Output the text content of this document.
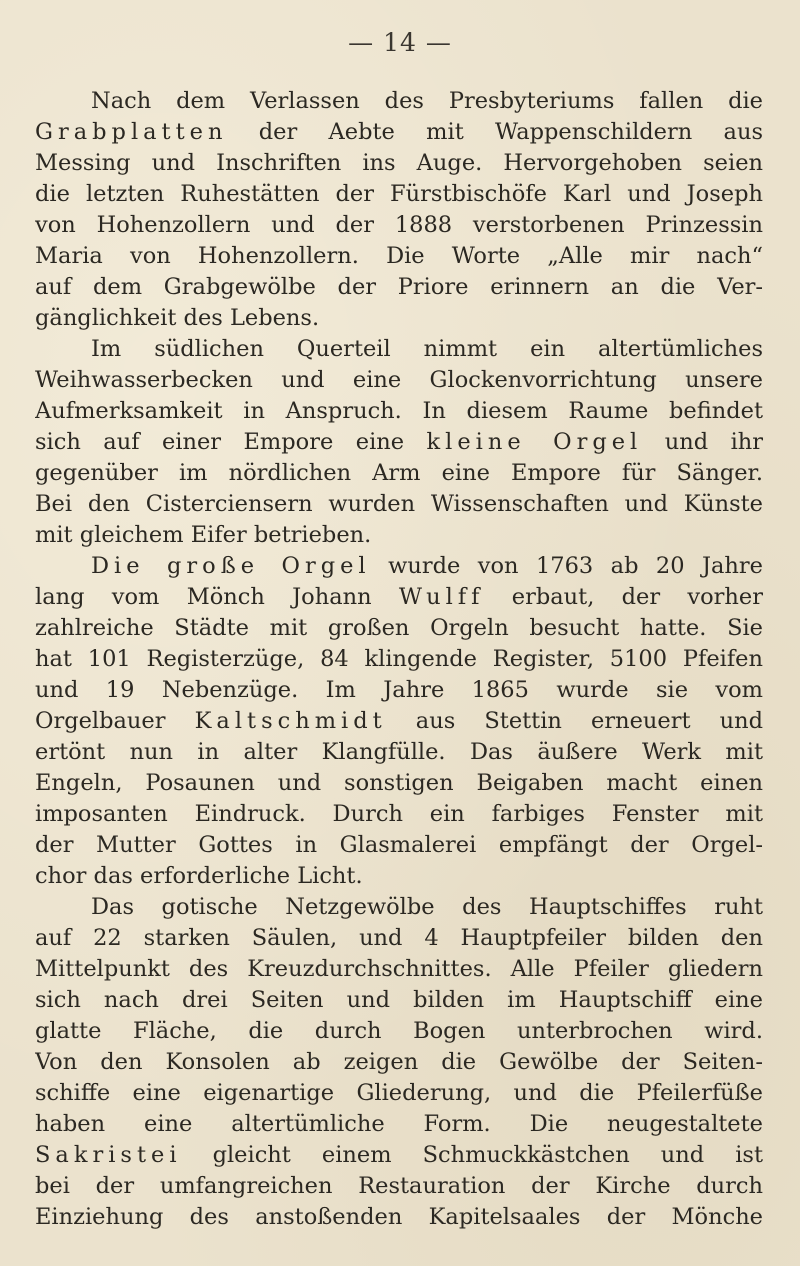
— 14 —
Nach dem Verlassen des Presbyteriums fallen die
Grabplatten der Aebte mit Wappenschildern aus
Messing und Inschriften ins Auge. Hervorgehoben seien
die letzten Ruhestätten der Fürstbischöfe Karl und Joseph
von Hohenzollern und der 1888 verstorbenen Prinzessin
Maria von Hohenzollern. Die Worte „Alle mir nach“
auf dem Grabgewölbe der Priore erinnern an die Ver-
gänglichkeit des Lebens.
Im südlichen Querteil nimmt ein altertümliches
Weihwasserbecken und eine Glockenvorrichtung unsere
Aufmerksamkeit in Anspruch. In diesem Raume befindet
sich auf einer Empore eine kleine Orgel und ihr
gegenüber im nördlichen Arm eine Empore für Sänger.
Bei den Cisterciensern wurden Wissenschaften und Künste
mit gleichem Eifer betrieben.
Die große Orgel wurde von 1763 ab 20 Jahre
lang vom Mönch Johann Wulff erbaut, der vorher
zahlreiche Städte mit großen Orgeln besucht hatte. Sie
hat 101 Registerzüge, 84 klingende Register, 5100 Pfeifen
und 19 Nebenzüge. Im Jahre 1865 wurde sie vom
Orgelbauer Kaltschmidt aus Stettin erneuert und
ertönt nun in alter Klangfülle. Das äußere Werk mit
Engeln, Posaunen und sonstigen Beigaben macht einen
imposanten Eindruck. Durch ein farbiges Fenster mit
der Mutter Gottes in Glasmalerei empfängt der Orgel-
chor das erforderliche Licht.
Das gotische Netzgewölbe des Hauptschiffes ruht
auf 22 starken Säulen, und 4 Hauptpfeiler bilden den
Mittelpunkt des Kreuzdurchschnittes. Alle Pfeiler gliedern
sich nach drei Seiten und bilden im Hauptschiff eine
glatte Fläche, die durch Bogen unterbrochen wird.
Von den Konsolen ab zeigen die Gewölbe der Seiten-
schiffe eine eigenartige Gliederung, und die Pfeilerfüße
haben eine altertümliche Form. Die neugestaltete
Sakristei gleicht einem Schmuckkästchen und ist
bei der umfangreichen Restauration der Kirche durch
Einziehung des anstoßenden Kapitelsaales der Mönche
